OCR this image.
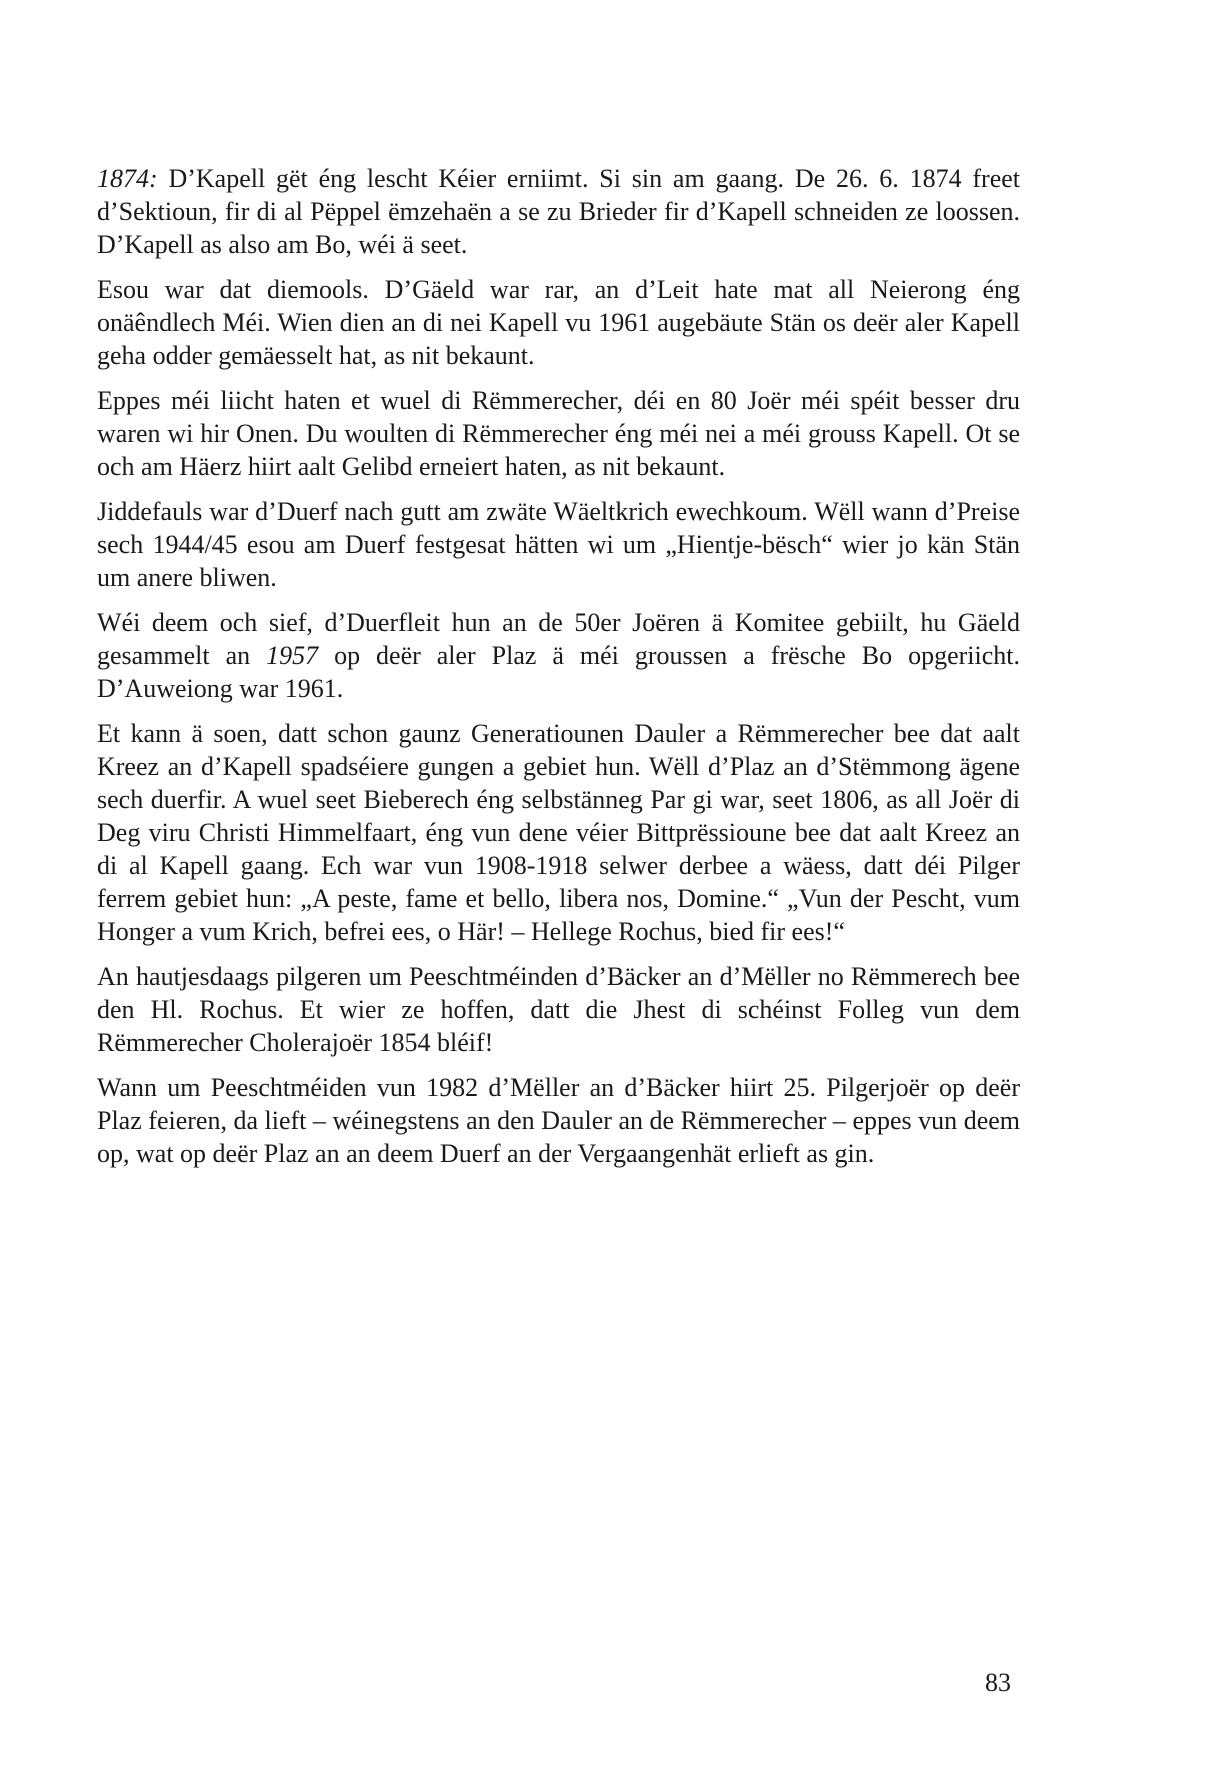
1874: D’Kapell gët éng lescht Kéier erniimt. Si sin am gaang. De 26. 6. 1874 freet d’Sektioun, fir di al Pëppel ëmzehaën a se zu Brieder fir d’Kapell schneiden ze loossen. D’Kapell as also am Bo, wéi ä seet.

Esou war dat diemools. D’Gäeld war rar, an d’Leit hate mat all Neierong éng onäêndlech Méi. Wien dien an di nei Kapell vu 1961 augebäute Stän os deër aler Kapell geha odder gemäesselt hat, as nit bekaunt.

Eppes méi liicht haten et wuel di Rëmmerecher, déi en 80 Joër méi spéit besser dru waren wi hir Onen. Du woulten di Rëmmerecher éng méi nei a méi grouss Kapell. Ot se och am Häerz hiirt aalt Gelibd erneiert haten, as nit bekaunt.

Jiddefauls war d’Duerf nach gutt am zwäte Wäeltkrich ewechkoum. Wëll wann d’Preise sech 1944/45 esou am Duerf festgesat hätten wi um „Hientje-bësch“ wier jo kän Stän um anere bliwen.

Wéi deem och sief, d’Duerfleit hun an de 50er Joëren ä Komitee gebiilt, hu Gäeld gesammelt an 1957 op deër aler Plaz ä méi groussen a frësche Bo opgeriicht. D’Auweiong war 1961.

Et kann ä soen, datt schon gaunz Generatiounen Dauler a Rëmmerecher bee dat aalt Kreez an d’Kapell spadséiere gungen a gebiet hun. Wëll d’Plaz an d’Stëmmong ägene sech duerfir. A wuel seet Bieberech éng selbstänneg Par gi war, seet 1806, as all Joër di Deg viru Christi Himmelfaart, éng vun dene véier Bittprëssioune bee dat aalt Kreez an di al Kapell gaang. Ech war vun 1908-1918 selwer derbee a wäess, datt déi Pilger ferrem gebiet hun: „A peste, fame et bello, libera nos, Domine.“ „Vun der Pescht, vum Honger a vum Krich, befrei ees, o Här! – Hellege Rochus, bied fir ees!“

An hautjesdaags pilgeren um Peeschtméinden d’Bäcker an d’Mëller no Rëmmerech bee den Hl. Rochus. Et wier ze hoffen, datt die Jhest di schéinst Folleg vun dem Rëmmerecher Cholerajoër 1854 bléif!

Wann um Peeschtméiden vun 1982 d’Mëller an d’Bäcker hiirt 25. Pilgerjoër op deër Plaz feieren, da lieft – wéinegstens an den Dauler an de Rëmmerecher – eppes vun deem op, wat op deër Plaz an an deem Duerf an der Vergaangenhät erlieft as gin.

83
